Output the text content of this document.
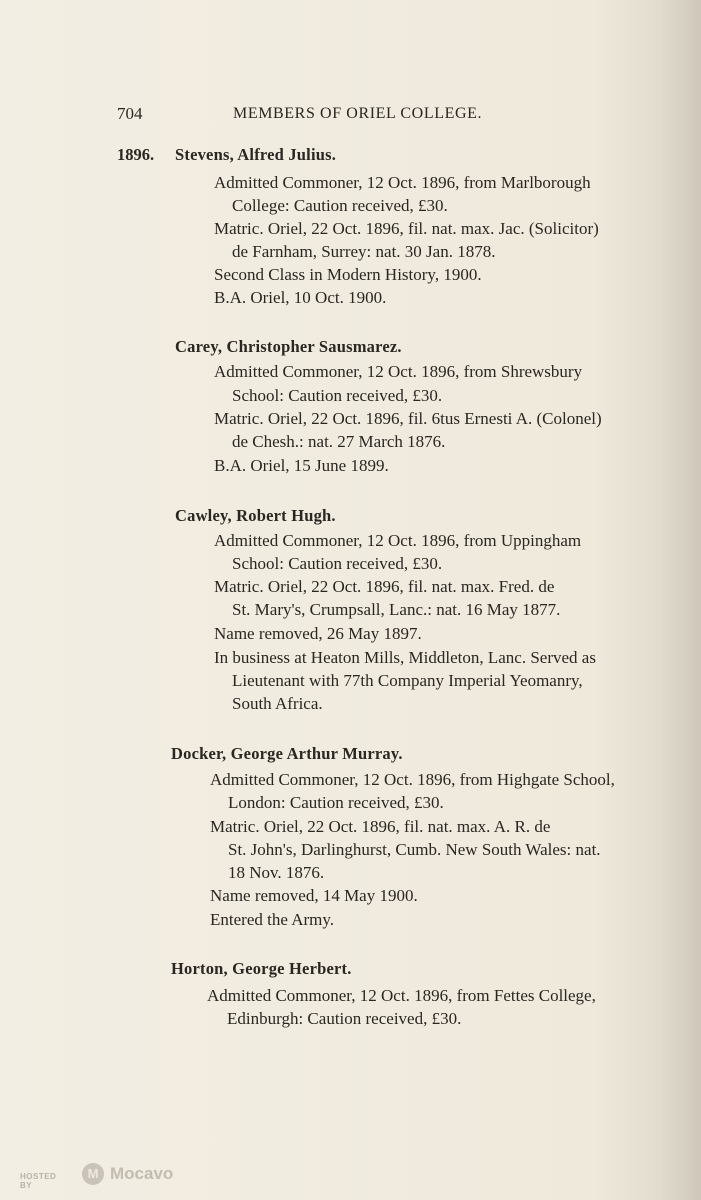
704	MEMBERS OF ORIEL COLLEGE.
1896. Stevens, Alfred Julius.
Admitted Commoner, 12 Oct. 1896, from Marlborough
College: Caution received, £30.
Matric. Oriel, 22 Oct. 1896, fil. nat. max. Jac. (Solicitor)
de Farnham, Surrey: nat. 30 Jan. 1878.
Second Class in Modern History, 1900.
B.A. Oriel, 10 Oct. 1900.
Carey, Christopher Sausmarez.
Admitted Commoner, 12 Oct. 1896, from Shrewsbury
School: Caution received, £30.
Matric. Oriel, 22 Oct. 1896, fil. 6tus Ernesti A. (Colonel)
de Chesh.: nat. 27 March 1876.
B.A. Oriel, 15 June 1899.
Cawley, Robert Hugh.
Admitted Commoner, 12 Oct. 1896, from Uppingham
School: Caution received, £30.
Matric. Oriel, 22 Oct. 1896, fil. nat. max. Fred. de
St. Mary's, Crumpsall, Lanc.: nat. 16 May 1877.
Name removed, 26 May 1897.
In business at Heaton Mills, Middleton, Lanc. Served as
Lieutenant with 77th Company Imperial Yeomanry,
South Africa.
Docker, George Arthur Murray.
Admitted Commoner, 12 Oct. 1896, from Highgate School,
London: Caution received, £30.
Matric. Oriel, 22 Oct. 1896, fil. nat. max. A. R. de
St. John's, Darlinghurst, Cumb. New South Wales: nat.
18 Nov. 1876.
Name removed, 14 May 1900.
Entered the Army.
Horton, George Herbert.
Admitted Commoner, 12 Oct. 1896, from Fettes College,
Edinburgh: Caution received, £30.
HOSTED BY
M Mocavo
